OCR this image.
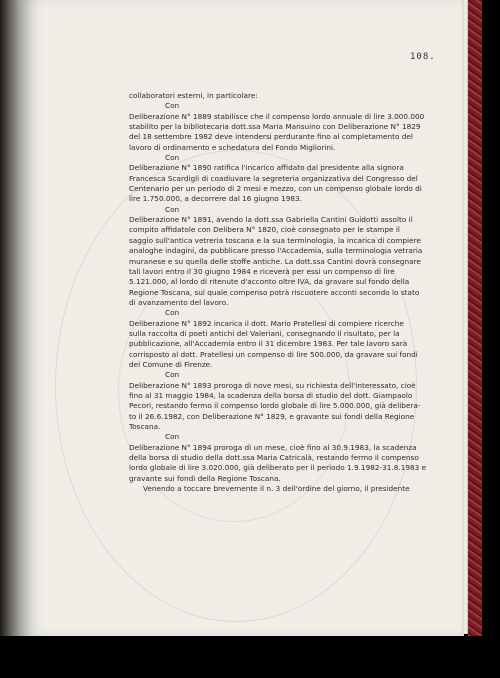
108.
collaboratori esterni, in particolare:
Con
Deliberazione N° 1889 stabilisce che il compenso lordo annuale di lire 3.000.000
stabilito per la bibliotecaria dott.ssa Maria Mansuino con Deliberazione N° 1829
del 18 settembre 1982 deve intendersi perdurante fino al completamento del
lavoro di ordinamento e schedatura del Fondo Migliorini.
Con
Deliberazione N° 1890 ratifica l'incarico affidato dal presidente alla signora
Francesca Scardigli di coadiuvare la segreteria organizzativa del Congresso del
Centenario per un periodo di 2 mesi e mezzo, con un compenso globale lordo di
lire 1.750.000, a decorrere dal 16 giugno 1983.
Con
Deliberazione N° 1891, avendo la dott.ssa Gabriella Cantini Guidotti assolto il
compito affidatole con Delibera N° 1820, cioè consegnato per le stampe il
saggio sull'antica vetreria toscana e la sua terminologia, la incarica di compiere
analoghe indagini, da pubblicare presso l'Accademia, sulla terminologia vetraria
muranese e su quella delle stoffe antiche. La dott.ssa Cantini dovrà consegnare
tali lavori entro il 30 giugno 1984 e riceverà per essi un compenso di lire
5.121.000, al lordo di ritenute d'acconto oltre IVA, da gravare sul fondo della
Regione Toscana, sul quale compenso potrà riscuotere acconti secondo lo stato
di avanzamento del lavoro.
Con
Deliberazione N° 1892 incarica il dott. Mario Pratellesi di compiere ricerche
sulla raccolta di poeti antichi del Valeriani, consegnando il risultato, per la
pubblicazione, all'Accademia entro il 31 dicembre 1983. Per tale lavoro sarà
corrisposto al dott. Pratellesi un compenso di lire 500.000, da gravare sui fondi
del Comune di Firenze.
Con
Deliberazione N° 1893 proroga di nove mesi, su richiesta dell'interessato, cioè
fino al 31 maggio 1984, la scadenza della borsa di studio del dott. Giampaolo
Pecori, restando fermo il compenso lordo globale di lire 5.000.000, già delibera-
to il 26.6.1982, con Deliberazione N° 1829, e gravante sui fondi della Regione
Toscana.
Con
Deliberazione N° 1894 proroga di un mese, cioè fino al 30.9.1983, la scadenza
della borsa di studio della dott.ssa Maria Catricalà, restando fermo il compenso
lordo globale di lire 3.020.000, già deliberato per il periodo 1.9.1982-31.8.1983 e
gravante sui fondi della Regione Toscana.
Venendo a toccare brevemente il n. 3 dell'ordine del giorno, il presidente
